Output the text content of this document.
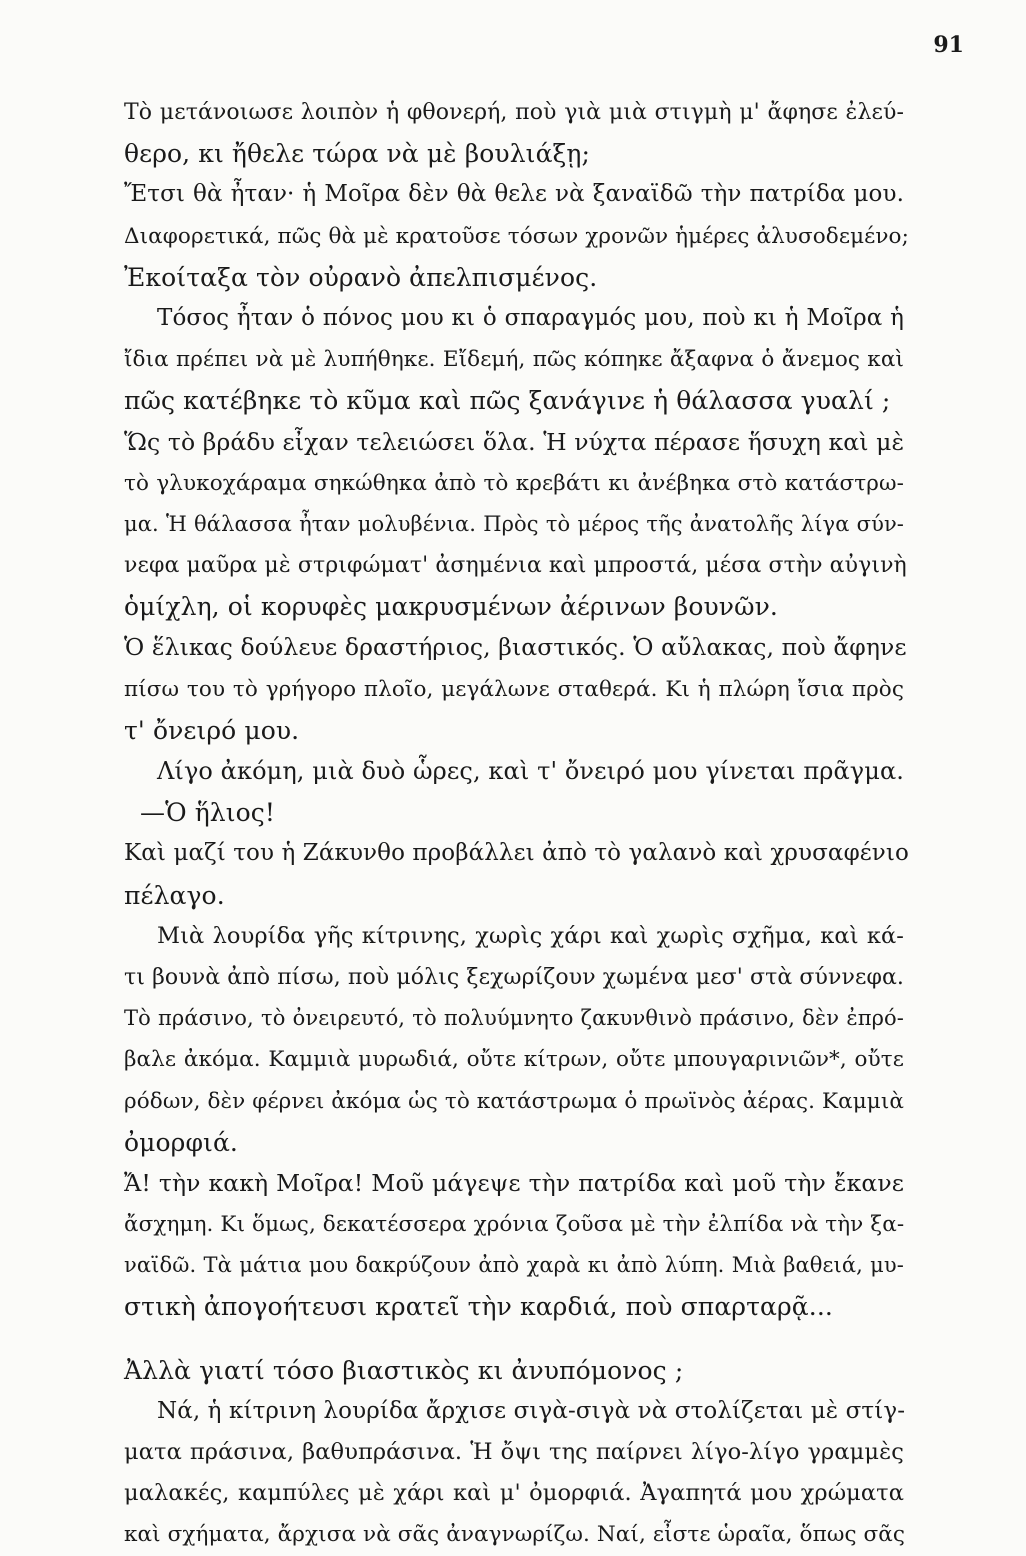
91
Τὸ μετάνοιωσε λοιπὸν ἡ φθονερή, ποὺ γιὰ μιὰ στιγμὴ μ' ἄφησε ἐλεύ-
θερο, κι ἤθελε τώρα νὰ μὲ βουλιάξῃ;
Ἔτσι θὰ ἦταν· ἡ Μοῖρα δὲν θὰ θελε νὰ ξαναϊδῶ τὴν πατρίδα μου.
Διαφορετικά, πῶς θὰ μὲ κρατοῦσε τόσων χρονῶν ἡμέρες ἀλυσοδεμένο;
Ἐκοίταξα τὸν οὐρανὸ ἀπελπισμένος.
Τόσος ἦταν ὁ πόνος μου κι ὁ σπαραγμός μου, ποὺ κι ἡ Μοῖρα ἡ
ἴδια πρέπει νὰ μὲ λυπήθηκε. Εἴδεμή, πῶς κόπηκε ἄξαφνα ὁ ἄνεμος καὶ
πῶς κατέβηκε τὸ κῦμα καὶ πῶς ξανάγινε ἡ θάλασσα γυαλί ;
Ὥς τὸ βράδυ εἶχαν τελειώσει ὅλα. Ἡ νύχτα πέρασε ἥσυχη καὶ μὲ
τὸ γλυκοχάραμα σηκώθηκα ἀπὸ τὸ κρεβάτι κι ἀνέβηκα στὸ κατάστρω-
μα. Ἡ θάλασσα ἦταν μολυβένια. Πρὸς τὸ μέρος τῆς ἀνατολῆς λίγα σύν-
νεφα μαῦρα μὲ στριφώματ' ἀσημένια καὶ μπροστά, μέσα στὴν αὐγινὴ
ὁμίχλη, οἱ κορυφὲς μακρυσμένων ἀέρινων βουνῶν.
Ὁ ἕλικας δούλευε δραστήριος, βιαστικός. Ὁ αὔλακας, ποὺ ἄφηνε
πίσω του τὸ γρήγορο πλοῖο, μεγάλωνε σταθερά. Κι ἡ πλώρη ἴσια πρὸς
τ' ὄνειρό μου.
Λίγο ἀκόμη, μιὰ δυὸ ὧρες, καὶ τ' ὄνειρό μου γίνεται πρᾶγμα.
—Ὁ ἥλιος!
Καὶ μαζί του ἡ Ζάκυνθο προβάλλει ἀπὸ τὸ γαλανὸ καὶ χρυσαφένιο
πέλαγο.
Μιὰ λουρίδα γῆς κίτρινης, χωρὶς χάρι καὶ χωρὶς σχῆμα, καὶ κά-
τι βουνὰ ἀπὸ πίσω, ποὺ μόλις ξεχωρίζουν χωμένα μεσ' στὰ σύννεφα.
Τὸ πράσινο, τὸ ὀνειρευτό, τὸ πολυύμνητο ζακυνθινὸ πράσινο, δὲν ἐπρό-
βαλε ἀκόμα. Καμμιὰ μυρωδιά, οὔτε κίτρων, οὔτε μπουγαρινιῶν*, οὔτε
ρόδων, δὲν φέρνει ἀκόμα ὡς τὸ κατάστρωμα ὁ πρωϊνὸς ἀέρας. Καμμιὰ
ὀμορφιά.
Ἄ! τὴν κακὴ Μοῖρα! Μοῦ μάγεψε τὴν πατρίδα καὶ μοῦ τὴν ἔκανε
ἄσχημη. Κι ὅμως, δεκατέσσερα χρόνια ζοῦσα μὲ τὴν ἐλπίδα νὰ τὴν ξα-
ναϊδῶ. Τὰ μάτια μου δακρύζουν ἀπὸ χαρὰ κι ἀπὸ λύπη. Μιὰ βαθειά, μυ-
στικὴ ἀπογοήτευσι κρατεῖ τὴν καρδιά, ποὺ σπαρταρᾷ...
Ἀλλὰ γιατί τόσο βιαστικὸς κι ἀνυπόμονος ;
Νά, ἡ κίτρινη λουρίδα ἄρχισε σιγὰ-σιγὰ νὰ στολίζεται μὲ στίγ-
ματα πράσινα, βαθυπράσινα. Ἡ ὄψι της παίρνει λίγο-λίγο γραμμὲς
μαλακές, καμπύλες μὲ χάρι καὶ μ' ὀμορφιά. Ἀγαπητά μου χρώματα
καὶ σχήματα, ἄρχισα νὰ σᾶς ἀναγνωρίζω. Ναί, εἶστε ὡραῖα, ὅπως σᾶς
